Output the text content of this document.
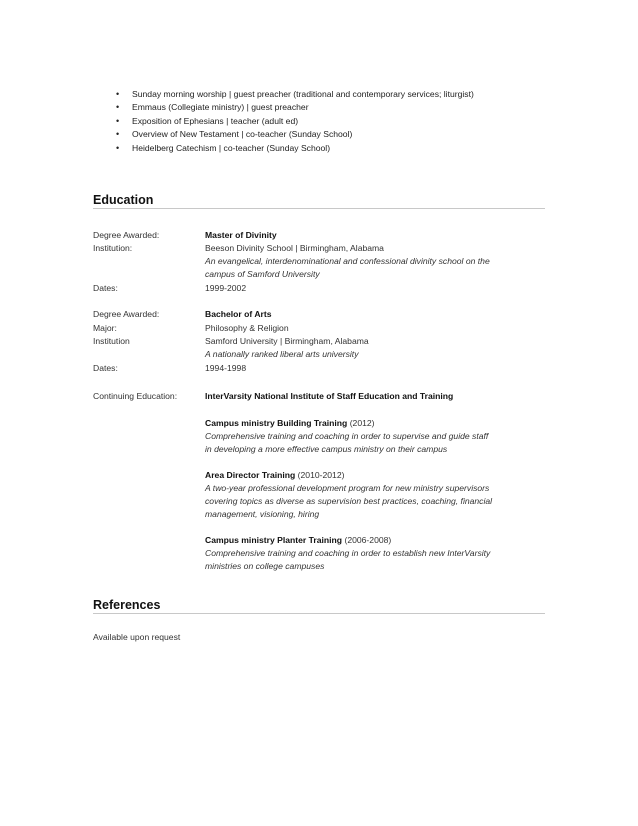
• Sunday morning worship | guest preacher (traditional and contemporary services; liturgist)
• Emmaus (Collegiate ministry) | guest preacher
• Exposition of Ephesians | teacher (adult ed)
• Overview of New Testament | co-teacher (Sunday School)
• Heidelberg Catechism | co-teacher (Sunday School)
Education
Degree Awarded:	Master of Divinity
Institution:	Beeson Divinity School | Birmingham, Alabama
An evangelical, interdenominational and confessional divinity school on the
campus of Samford University
Dates:	1999-2002
Degree Awarded:	Bachelor of Arts
Major:	Philosophy & Religion
Institution	Samford University | Birmingham, Alabama
A nationally ranked liberal arts university
Dates:	1994-1998
Continuing Education:	InterVarsity National Institute of Staff Education and Training
Campus ministry Building Training (2012)
Comprehensive training and coaching in order to supervise and guide staff
in developing a more effective campus ministry on their campus
Area Director Training (2010-2012)
A two-year professional development program for new ministry supervisors
covering topics as diverse as supervision best practices, coaching, financial
management, visioning, hiring
Campus ministry Planter Training (2006-2008)
Comprehensive training and coaching in order to establish new InterVarsity
ministries on college campuses
References
Available upon request
